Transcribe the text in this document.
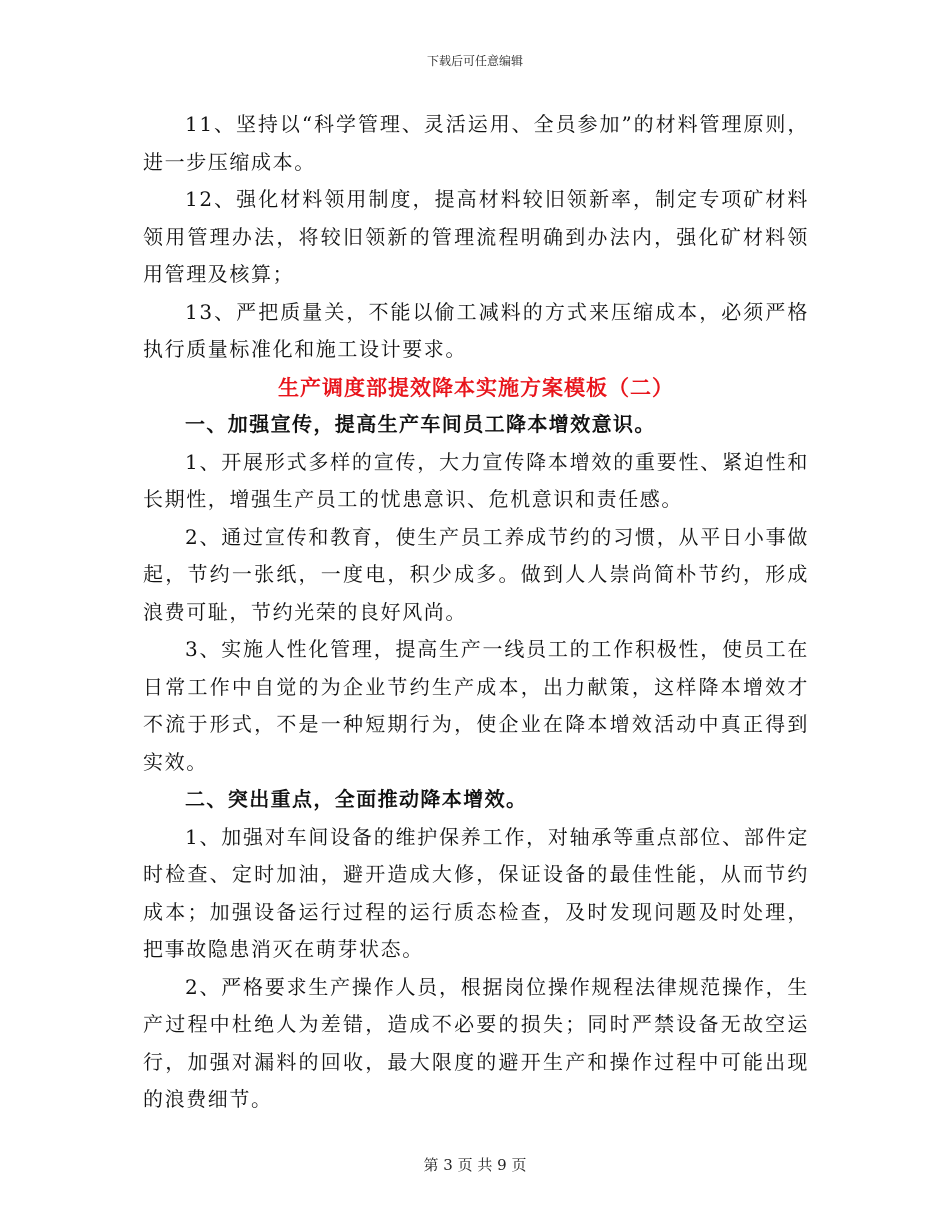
下载后可任意编辑

11、坚持以“科学管理、灵活运用、全员参加”的材料管理原则，进一步压缩成本。

12、强化材料领用制度，提高材料较旧领新率，制定专项矿材料领用管理办法，将较旧领新的管理流程明确到办法内，强化矿材料领用管理及核算；

13、严把质量关，不能以偷工减料的方式来压缩成本，必须严格执行质量标准化和施工设计要求。

生产调度部提效降本实施方案模板（二）

一、加强宣传，提高生产车间员工降本增效意识。

1、开展形式多样的宣传，大力宣传降本增效的重要性、紧迫性和长期性，增强生产员工的忧患意识、危机意识和责任感。

2、通过宣传和教育，使生产员工养成节约的习惯，从平日小事做起，节约一张纸，一度电，积少成多。做到人人崇尚简朴节约，形成浪费可耻，节约光荣的良好风尚。

3、实施人性化管理，提高生产一线员工的工作积极性，使员工在日常工作中自觉的为企业节约生产成本，出力献策，这样降本增效才不流于形式，不是一种短期行为，使企业在降本增效活动中真正得到实效。

二、突出重点，全面推动降本增效。

1、加强对车间设备的维护保养工作，对轴承等重点部位、部件定时检查、定时加油，避开造成大修，保证设备的最佳性能，从而节约成本；加强设备运行过程的运行质态检查，及时发现问题及时处理，把事故隐患消灭在萌芽状态。

2、严格要求生产操作人员，根据岗位操作规程法律规范操作，生产过程中杜绝人为差错，造成不必要的损失；同时严禁设备无故空运行，加强对漏料的回收，最大限度的避开生产和操作过程中可能出现的浪费细节。

第 3 页 共 9 页
